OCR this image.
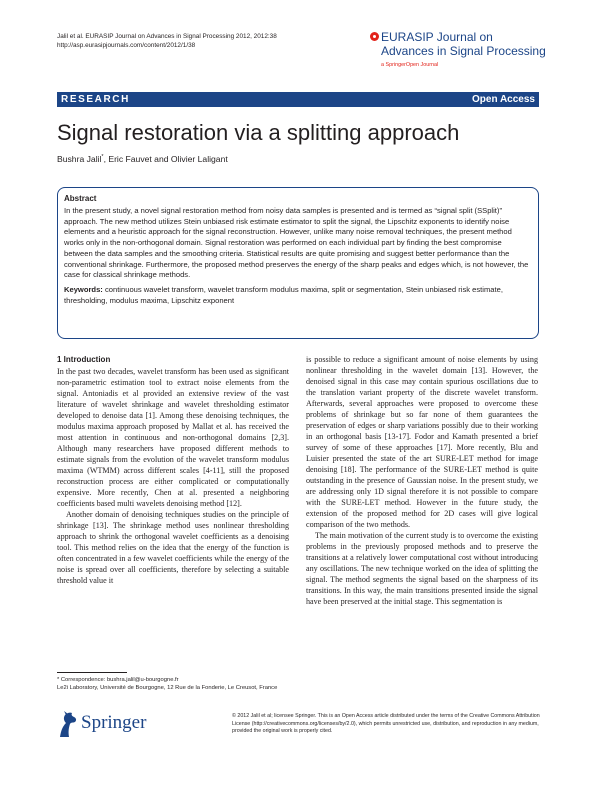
Jalil et al. EURASIP Journal on Advances in Signal Processing 2012, 2012:38
http://asp.eurasipjournals.com/content/2012/1/38
EURASIP Journal on
Advances in Signal Processing
a SpringerOpen Journal
RESEARCH	Open Access
Signal restoration via a splitting approach
Bushra Jalil*, Eric Fauvet and Olivier Laligant
Abstract
In the present study, a novel signal restoration method from noisy data samples is presented and is termed as “signal split (SSplit)” approach. The new method utilizes Stein unbiased risk estimate estimator to split the signal, the Lipschitz exponents to identify noise elements and a heuristic approach for the signal reconstruction. However, unlike many noise removal techniques, the present method works only in the non-orthogonal domain. Signal restoration was performed on each individual part by finding the best compromise between the data samples and the smoothing criteria. Statistical results are quite promising and suggest better performance than the conventional shrinkage. Furthermore, the proposed method preserves the energy of the sharp peaks and edges which, is not however, the case for classical shrinkage methods.
Keywords: continuous wavelet transform, wavelet transform modulus maxima, split or segmentation, Stein unbiased risk estimate, thresholding, modulus maxima, Lipschitz exponent
1 Introduction

In the past two decades, wavelet transform has been used as significant non-parametric estimation tool to extract noise elements from the signal. Antoniadis et al provided an extensive review of the vast literature of wavelet shrinkage and wavelet thresholding estimator developed to denoise data [1]. Among these denoising techniques, the modulus maxima approach proposed by Mallat et al. has received the most attention in continuous and non-orthogonal domains [2,3]. Although many researchers have proposed different methods to estimate signals from the evolution of the wavelet transform modulus maxima (WTMM) across different scales [4-11], still the proposed reconstruction process are either complicated or computationally expensive. More recently, Chen at al. presented a neighboring coefficients based multi wavelets denoising method [12].

Another domain of denoising techniques studies on the principle of shrinkage [13]. The shrinkage method uses nonlinear thresholding approach to shrink the orthogonal wavelet coefficients as a denoising tool. This method relies on the idea that the energy of the function is often concentrated in a few wavelet coefficients while the energy of the noise is spread over all coefficients, therefore by selecting a suitable threshold value it

is possible to reduce a significant amount of noise elements by using nonlinear thresholding in the wavelet domain [13]. However, the denoised signal in this case may contain spurious oscillations due to the translation variant property of the discrete wavelet transform. Afterwards, several approaches were proposed to overcome these problems of shrinkage but so far none of them guarantees the preservation of edges or sharp variations possibly due to their working in an orthogonal basis [13-17]. Fodor and Kamath presented a brief survey of some of these approaches [17]. More recently, Blu and Luisier presented the state of the art SURE-LET method for image denoising [18]. The performance of the SURE-LET method is quite outstanding in the presence of Gaussian noise. In the present study, we are addressing only 1D signal therefore it is not possible to compare with the SURE-LET method. However in the future study, the extension of the proposed method for 2D cases will give logical comparison of the two methods.

The main motivation of the current study is to overcome the existing problems in the previously proposed methods and to preserve the transitions at a relatively lower computational cost without introducing any oscillations. The new technique worked on the idea of splitting the signal. The method segments the signal based on the sharpness of its transitions. In this way, the main transitions presented inside the signal have been preserved at the initial stage. This segmentation is

* Correspondence: bushra.jalil@u-bourgogne.fr
Le2i Laboratory, Université de Bourgogne, 12 Rue de la Fonderie, Le Creusot, France
Springer	© 2012 Jalil et al; licensee Springer. This is an Open Access article distributed under the terms of the Creative Commons Attribution License (http://creativecommons.org/licenses/by/2.0), which permits unrestricted use, distribution, and reproduction in any medium, provided the original work is properly cited.
